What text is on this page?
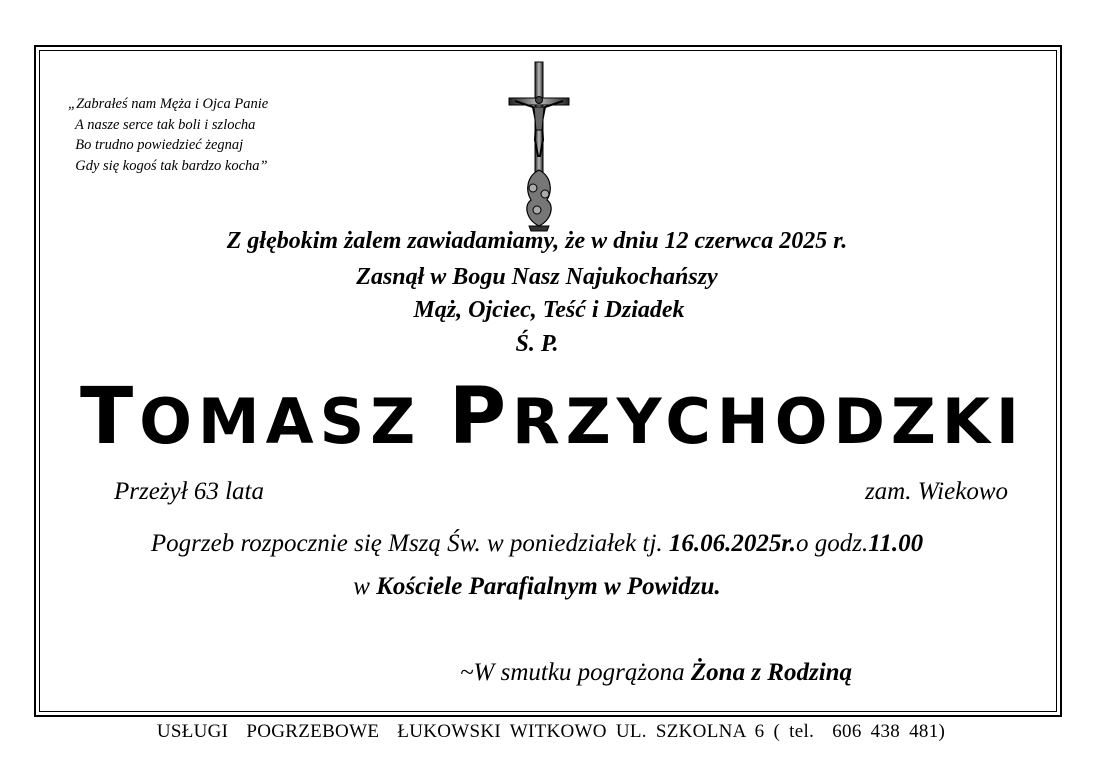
„Zabrałeś nam Męża i Ojca Panie
A nasze serce tak boli i szlocha
Bo trudno powiedzieć żegnaj
Gdy się kogoś tak bardzo kocha”
Z głębokim żalem zawiadamiamy, że w dniu 12 czerwca 2025 r.
Zasnął w Bogu Nasz Najukochańszy
Mąż, Ojciec, Teść i Dziadek
Ś. P.
TOMASZ PRZYCHODZKI
Przeżył 63 lata	zam. Wiekowo
Pogrzeb rozpocznie się Mszą Św. w poniedziałek tj. 16.06.2025r.o godz.11.00
w Kościele Parafialnym w Powidzu.
~W smutku pogrążona Żona z Rodziną
USŁUGI  POGRZEBOWE  ŁUKOWSKI WITKOWO UL. SZKOLNA 6 ( tel.  606 438 481)
